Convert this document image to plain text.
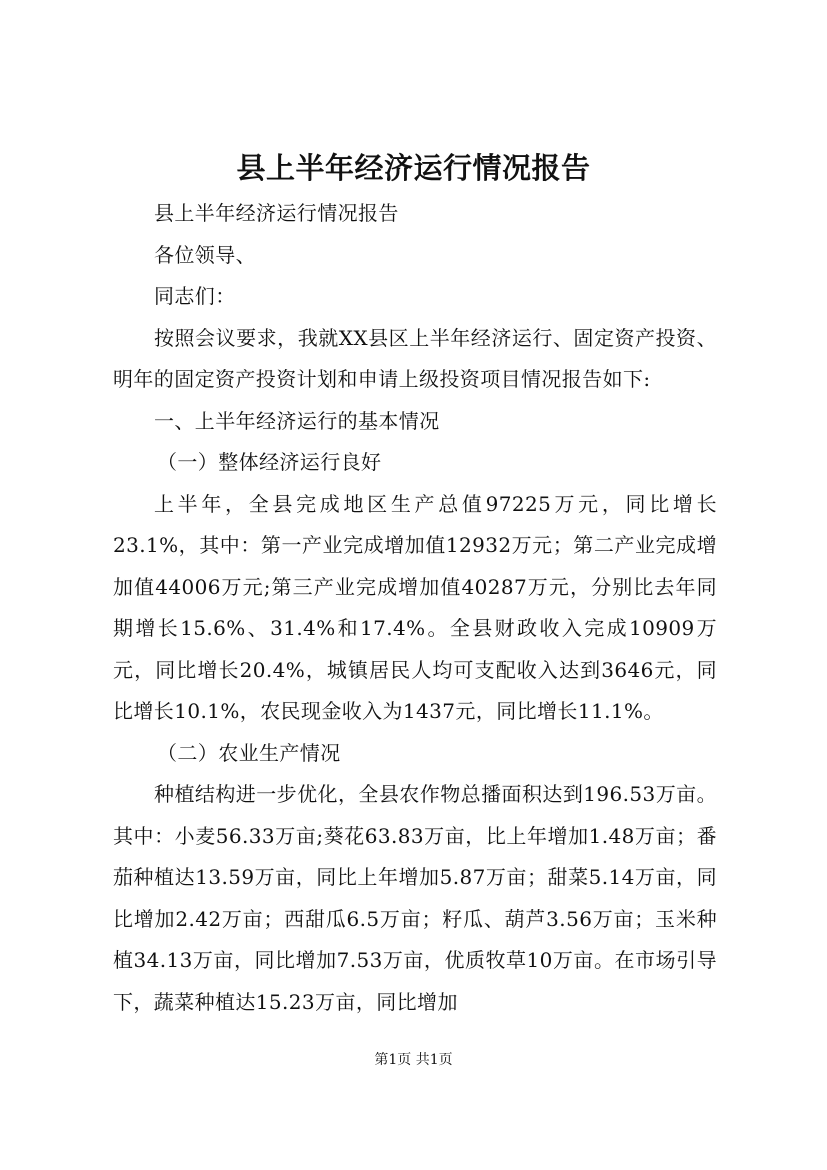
县上半年经济运行情况报告

县上半年经济运行情况报告

各位领导、

同志们：

按照会议要求，我就XX县区上半年经济运行、固定资产投资、明年的固定资产投资计划和申请上级投资项目情况报告如下:

一、上半年经济运行的基本情况

（一）整体经济运行良好

上半年，全县完成地区生产总值97225万元，同比增长23.1%，其中：第一产业完成增加值12932万元；第二产业完成增加值44006万元;第三产业完成增加值40287万元，分别比去年同期增长15.6%、31.4%和17.4%。全县财政收入完成10909万元，同比增长20.4%，城镇居民人均可支配收入达到3646元，同比增长10.1%，农民现金收入为1437元，同比增长11.1%。

（二）农业生产情况

种植结构进一步优化，全县农作物总播面积达到196.53万亩。其中：小麦56.33万亩;葵花63.83万亩，比上年增加1.48万亩；番茄种植达13.59万亩，同比上年增加5.87万亩；甜菜5.14万亩，同比增加2.42万亩；西甜瓜6.5万亩；籽瓜、葫芦3.56万亩；玉米种植34.13万亩，同比增加7.53万亩，优质牧草10万亩。在市场引导下，蔬菜种植达15.23万亩，同比增加

第1页 共1页
